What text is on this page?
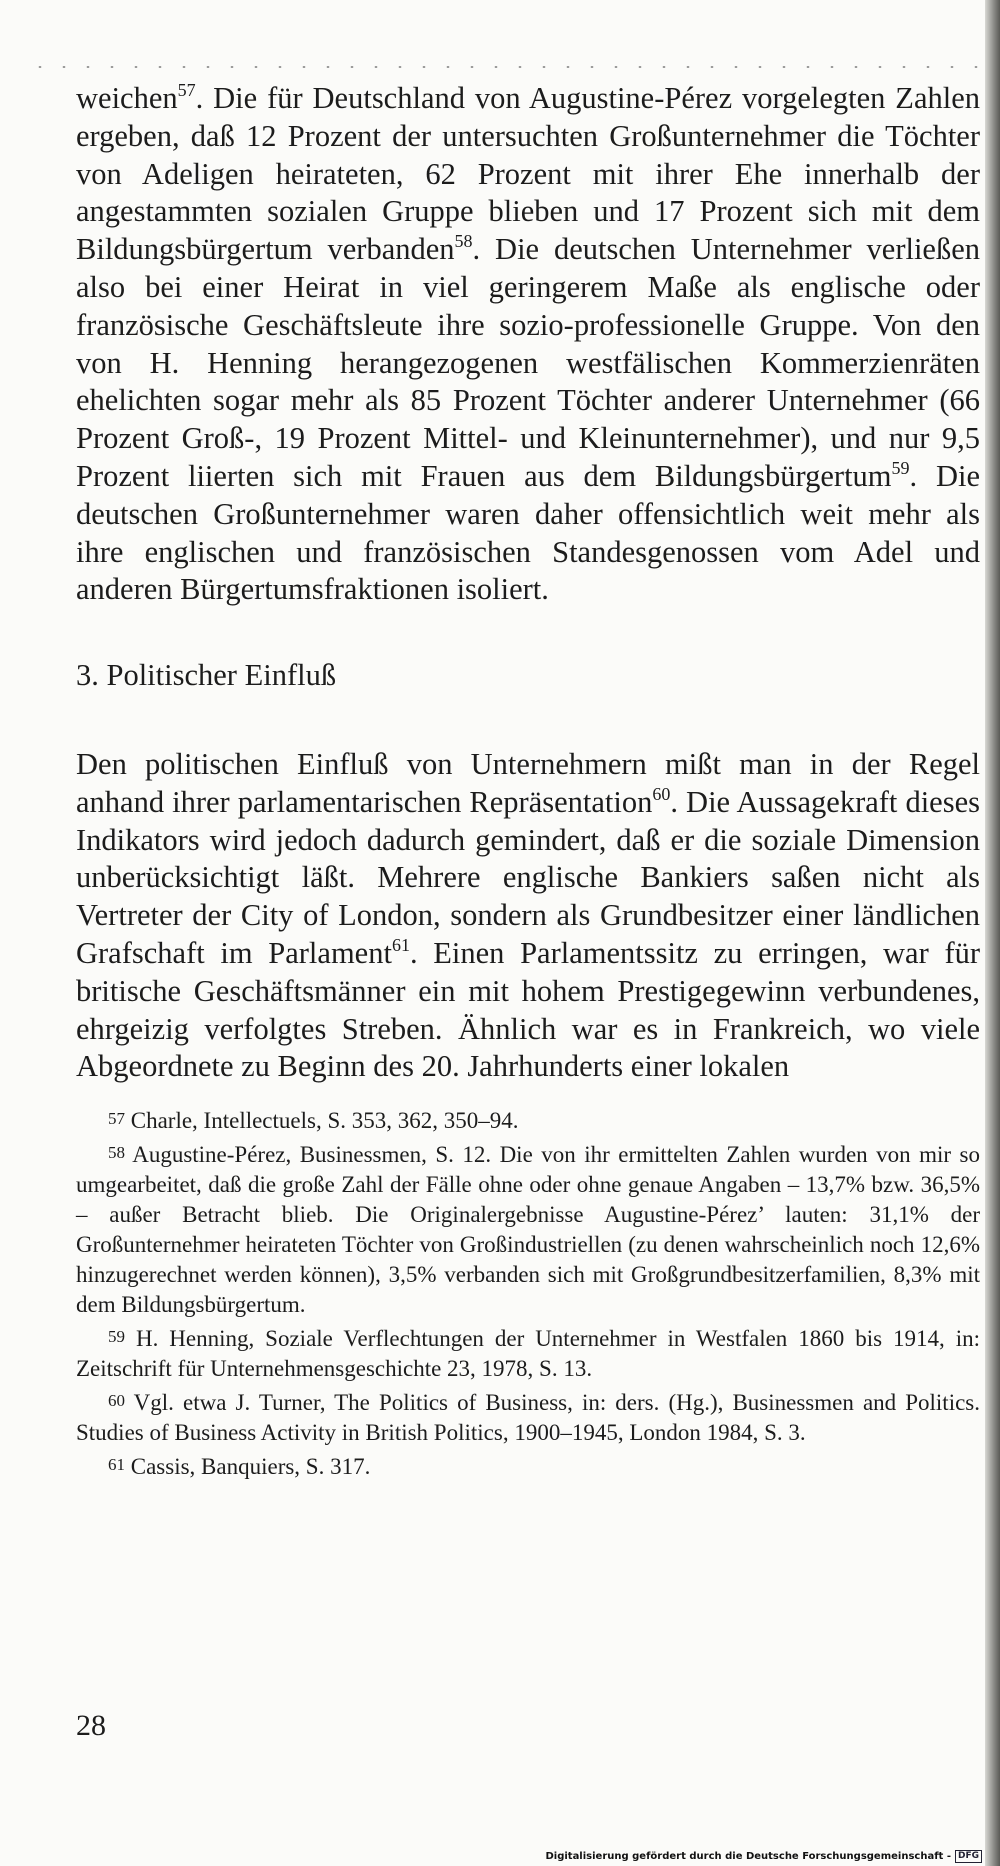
weichen$^{57}$. Die für Deutschland von Augustine-Pérez vorgelegten Zahlen ergeben, daß 12 Prozent der untersuchten Großunternehmer die Töchter von Adeligen heirateten, 62 Prozent mit ihrer Ehe innerhalb der angestammten sozialen Gruppe blieben und 17 Prozent sich mit dem Bildungsbürgertum verbanden$^{58}$. Die deutschen Unternehmer verließen also bei einer Heirat in viel geringerem Maße als englische oder französische Geschäftsleute ihre sozio-professionelle Gruppe. Von den von H. Henning herangezogenen westfälischen Kommerzienräten ehelichten sogar mehr als 85 Prozent Töchter anderer Unternehmer (66 Prozent Groß-, 19 Prozent Mittel- und Kleinunternehmer), und nur 9,5 Prozent liierten sich mit Frauen aus dem Bildungsbürgertum$^{59}$. Die deutschen Großunternehmer waren daher offensichtlich weit mehr als ihre englischen und französischen Standesgenossen vom Adel und anderen Bürgertumsfraktionen isoliert.

3. Politischer Einfluß

Den politischen Einfluß von Unternehmern mißt man in der Regel anhand ihrer parlamentarischen Repräsentation$^{60}$. Die Aussagekraft dieses Indikators wird jedoch dadurch gemindert, daß er die soziale Dimension unberücksichtigt läßt. Mehrere englische Bankiers saßen nicht als Vertreter der City of London, sondern als Grundbesitzer einer ländlichen Grafschaft im Parlament$^{61}$. Einen Parlamentssitz zu erringen, war für britische Geschäftsmänner ein mit hohem Prestigegewinn verbundenes, ehrgeizig verfolgtes Streben. Ähnlich war es in Frankreich, wo viele Abgeordnete zu Beginn des 20. Jahrhunderts einer lokalen

57 Charle, Intellectuels, S. 353, 362, 350–94.

58 Augustine-Pérez, Businessmen, S. 12. Die von ihr ermittelten Zahlen wurden von mir so umgearbeitet, daß die große Zahl der Fälle ohne oder ohne genaue Angaben – 13,7% bzw. 36,5% – außer Betracht blieb. Die Originalergebnisse Augustine-Pérez’ lauten: 31,1% der Großunternehmer heirateten Töchter von Großindustriellen (zu denen wahrscheinlich noch 12,6% hinzugerechnet werden können), 3,5% verbanden sich mit Großgrundbesitzerfamilien, 8,3% mit dem Bildungsbürgertum.

59 H. Henning, Soziale Verflechtungen der Unternehmer in Westfalen 1860 bis 1914, in: Zeitschrift für Unternehmensgeschichte 23, 1978, S. 13.

60 Vgl. etwa J. Turner, The Politics of Business, in: ders. (Hg.), Businessmen and Politics. Studies of Business Activity in British Politics, 1900–1945, London 1984, S. 3.

61 Cassis, Banquiers, S. 317.

28
Digitalisierung gefördert durch die Deutsche Forschungsgemeinschaft - DFG
